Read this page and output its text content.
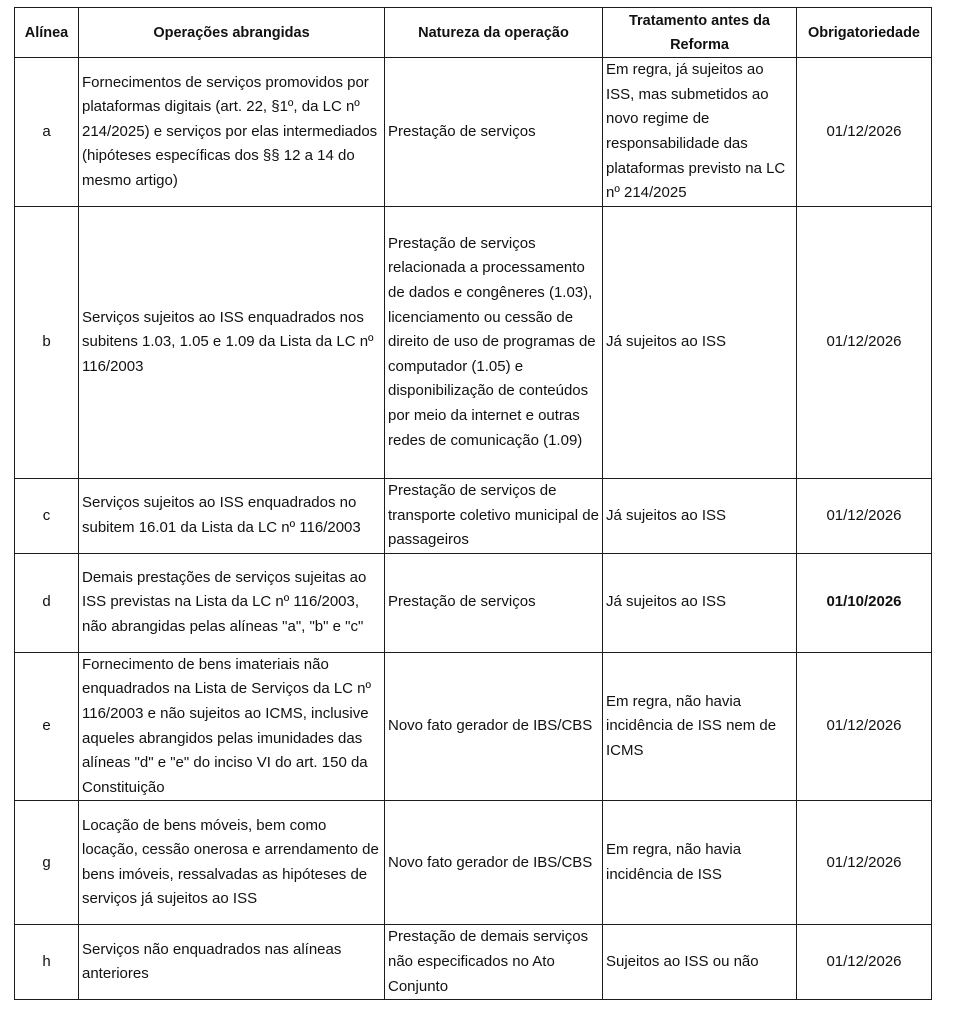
Alínea	Operações abrangidas	Natureza da operação	Tratamento antes da Reforma	Obrigatoriedade
a	Fornecimentos de serviços promovidos por plataformas digitais (art. 22, §1º, da LC nº 214/2025) e serviços por elas intermediados (hipóteses específicas dos §§ 12 a 14 do mesmo artigo)	Prestação de serviços	Em regra, já sujeitos ao ISS, mas submetidos ao novo regime de responsabilidade das plataformas previsto na LC nº 214/2025	01/12/2026
b	Serviços sujeitos ao ISS enquadrados nos subitens 1.03, 1.05 e 1.09 da Lista da LC nº 116/2003	Prestação de serviços relacionada a processamento de dados e congêneres (1.03), licenciamento ou cessão de direito de uso de programas de computador (1.05) e disponibilização de conteúdos por meio da internet e outras redes de comunicação (1.09)	Já sujeitos ao ISS	01/12/2026
c	Serviços sujeitos ao ISS enquadrados no subitem 16.01 da Lista da LC nº 116/2003	Prestação de serviços de transporte coletivo municipal de passageiros	Já sujeitos ao ISS	01/12/2026
d	Demais prestações de serviços sujeitas ao ISS previstas na Lista da LC nº 116/2003, não abrangidas pelas alíneas "a", "b" e "c"	Prestação de serviços	Já sujeitos ao ISS	01/10/2026
e	Fornecimento de bens imateriais não enquadrados na Lista de Serviços da LC nº 116/2003 e não sujeitos ao ICMS, inclusive aqueles abrangidos pelas imunidades das alíneas "d" e "e" do inciso VI do art. 150 da Constituição	Novo fato gerador de IBS/CBS	Em regra, não havia incidência de ISS nem de ICMS	01/12/2026
g	Locação de bens móveis, bem como locação, cessão onerosa e arrendamento de bens imóveis, ressalvadas as hipóteses de serviços já sujeitos ao ISS	Novo fato gerador de IBS/CBS	Em regra, não havia incidência de ISS	01/12/2026
h	Serviços não enquadrados nas alíneas anteriores	Prestação de demais serviços não especificados no Ato Conjunto	Sujeitos ao ISS ou não	01/12/2026
